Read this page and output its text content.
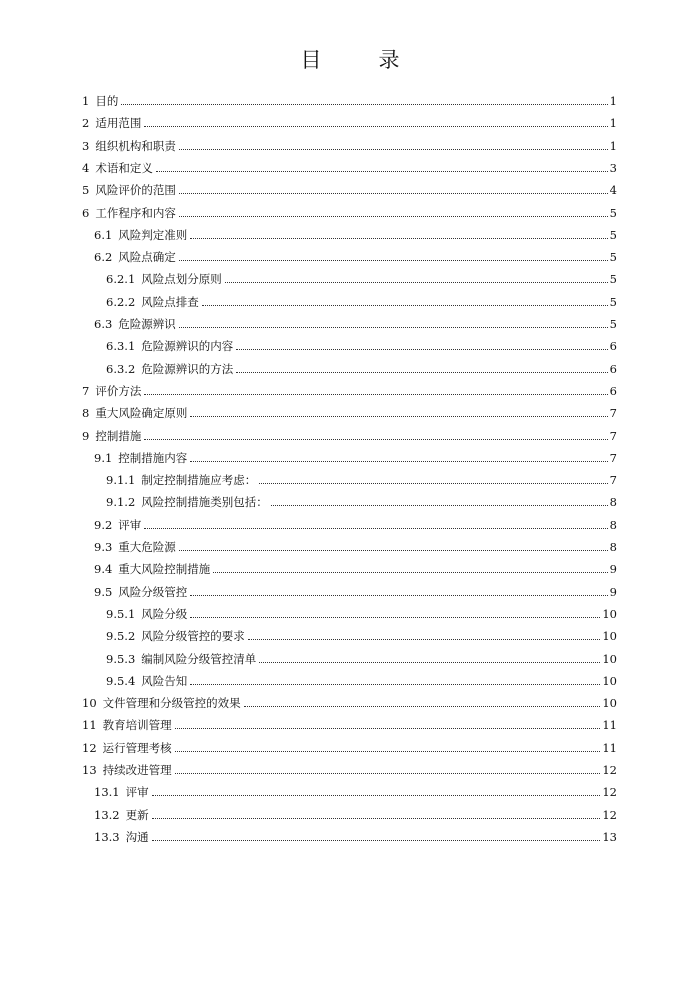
目　录
1 目的	1
2 适用范围	1
3 组织机构和职责	1
4 术语和定义	3
5 风险评价的范围	4
6 工作程序和内容	5
6.1 风险判定准则	5
6.2 风险点确定	5
6.2.1 风险点划分原则	5
6.2.2 风险点排查	5
6.3 危险源辨识	5
6.3.1 危险源辨识的内容	6
6.3.2 危险源辨识的方法	6
7 评价方法	6
8 重大风险确定原则	7
9 控制措施	7
9.1 控制措施内容	7
9.1.1 制定控制措施应考虑：	7
9.1.2 风险控制措施类别包括：	8
9.2 评审	8
9.3 重大危险源	8
9.4 重大风险控制措施	9
9.5 风险分级管控	9
9.5.1 风险分级	10
9.5.2 风险分级管控的要求	10
9.5.3 编制风险分级管控清单	10
9.5.4 风险告知	10
10 文件管理和分级管控的效果	10
11 教育培训管理	11
12 运行管理考核	11
13 持续改进管理	12
13.1 评审	12
13.2 更新	12
13.3 沟通	13
